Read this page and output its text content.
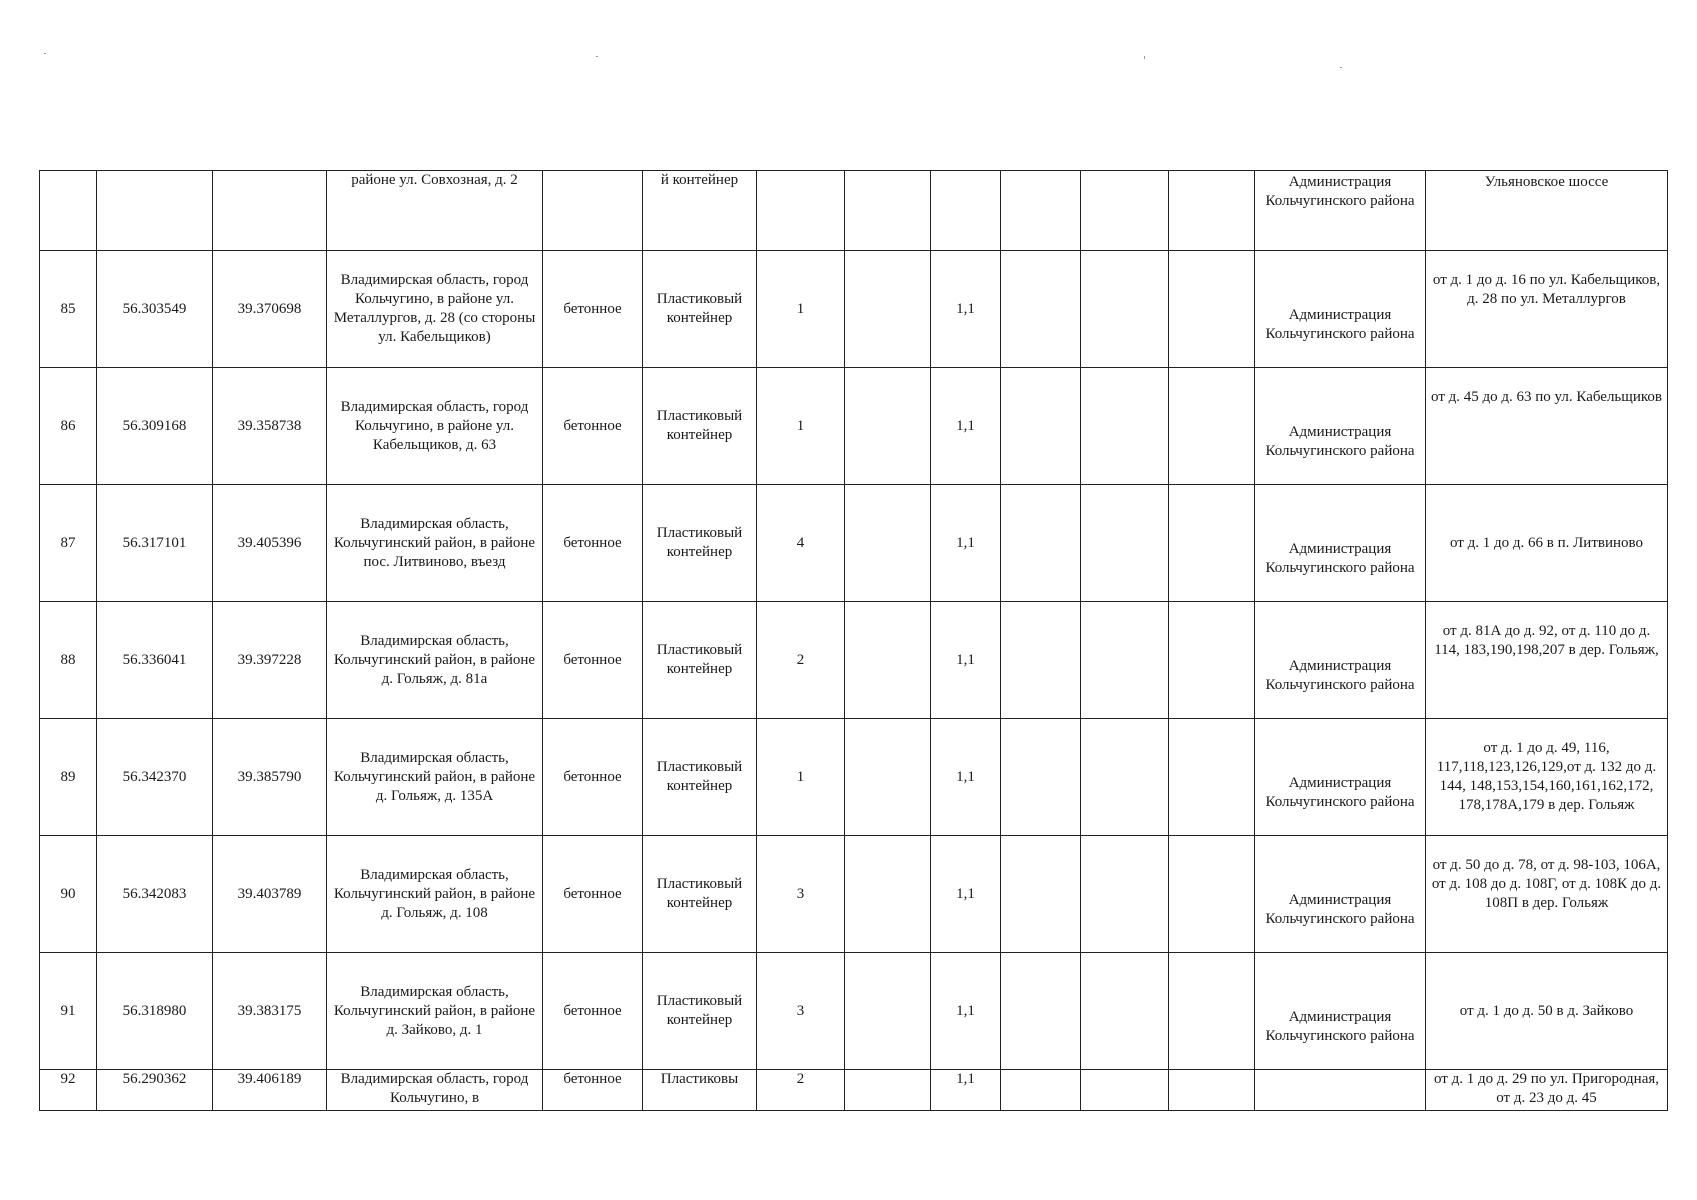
			районе ул. Совхозная, д. 2		й контейнер							Администрация Кольчугинского района	Ульяновское шоссе
85	56.303549	39.370698	Владимирская область, город Кольчугино, в районе ул. Металлургов, д. 28 (со стороны ул. Кабельщиков)	бетонное	Пластиковый контейнер	1		1,1				Администрация Кольчугинского района	от д. 1 до д. 16 по ул. Кабельщиков, д. 28 по ул. Металлургов
86	56.309168	39.358738	Владимирская область, город Кольчугино, в районе ул. Кабельщиков, д. 63	бетонное	Пластиковый контейнер	1		1,1				Администрация Кольчугинского района	от д. 45 до д. 63 по ул. Кабельщиков
87	56.317101	39.405396	Владимирская область, Кольчугинский район, в районе пос. Литвиново, въезд	бетонное	Пластиковый контейнер	4		1,1				Администрация Кольчугинского района	от д. 1 до д. 66 в п. Литвиново
88	56.336041	39.397228	Владимирская область, Кольчугинский район, в районе д. Гольяж, д. 81а	бетонное	Пластиковый контейнер	2		1,1				Администрация Кольчугинского района	от д. 81А до д. 92, от д. 110 до д. 114, 183,190,198,207 в дер. Гольяж,
89	56.342370	39.385790	Владимирская область, Кольчугинский район, в районе д. Гольяж, д. 135А	бетонное	Пластиковый контейнер	1		1,1				Администрация Кольчугинского района	от д. 1 до д. 49, 116, 117,118,123,126,129,от д. 132 до д. 144, 148,153,154,160,161,162,172, 178,178А,179 в дер. Гольяж
90	56.342083	39.403789	Владимирская область, Кольчугинский район, в районе д. Гольяж, д. 108	бетонное	Пластиковый контейнер	3		1,1				Администрация Кольчугинского района	от д. 50 до д. 78, от д. 98-103, 106А, от д. 108 до д. 108Г, от д. 108К до д. 108П в дер. Гольяж
91	56.318980	39.383175	Владимирская область, Кольчугинский район, в районе д. Зайково, д. 1	бетонное	Пластиковый контейнер	3		1,1				Администрация Кольчугинского района	от д. 1 до д. 50 в д. Зайково
92	56.290362	39.406189	Владимирская область, город Кольчугино, в	бетонное	Пластиковы	2		1,1					от д. 1 до д. 29 по ул. Пригородная, от д. 23 до д. 45
